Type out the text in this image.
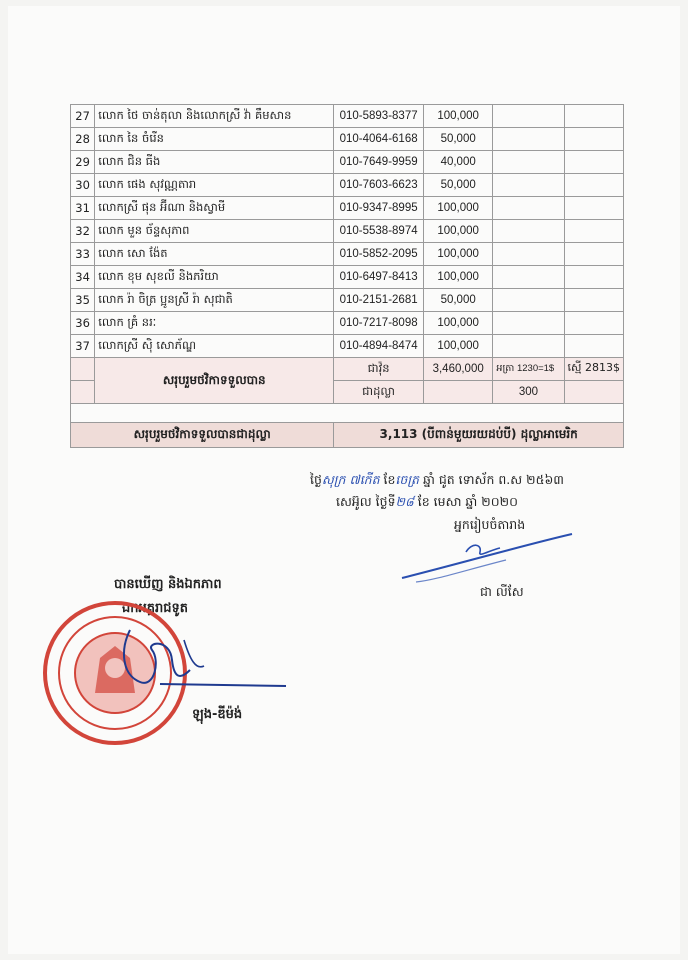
27	លោក ថៃ ចាន់តុលា និងលោកស្រី វ៉ា គឹមសាន	010-5893-8377	100,000		
28	លោក នៃ ចំរើន	010-4064-6168	50,000		
29	លោក ជិន ធីង	010-7649-9959	40,000		
30	លោក ផេង សុវណ្ណតារា	010-7603-6623	50,000		
31	លោកស្រី ផុន អ៊ីណា និងស្វាមី	010-9347-8995	100,000		
32	លោក មួន ច័ន្ទសុភាព	010-5538-8974	100,000		
33	លោក សោ ង៉ែត	010-5852-2095	100,000		
34	លោក ខុម សុខលី និងភរិយា	010-6497-8413	100,000		
35	លោក រ៉ា ចិត្រ ប្អូនស្រី រ៉ា សុជាតិ	010-2151-2681	50,000		
36	លោក គ្រំ នរៈ	010-7217-8098	100,000		
37	លោកស្រី ស៊ិ សោភ័ណ្ឌ	010-4894-8474	100,000		
	សរុបរួមថវិកាទទួលបាន	ជាវ៉ុន	3,460,000	អត្រា 1230=1$	ស្មើ 2813$
		ជាដុល្លា		300	

សរុបរួមថវិកាទទួលបានជាដុល្លា		3,113 (បីពាន់មួយរយដប់បី) ដុល្លាអាមេរិក			
ថ្ងៃសុក្រ ៧កើត ខែចេត្រ ឆ្នាំ ជូត ទោស័ក ព.ស ២៥៦៣
សេអ៊ូល ថ្ងៃទី២៨ ខែ មេសា ឆ្នាំ ២០២០
អ្នករៀបចំតារាង
ជា លីសែ
បានឃើញ និងឯកភាព
ឯកអគ្គរាជទូត
ឡុង-ឌីម៉ង់
